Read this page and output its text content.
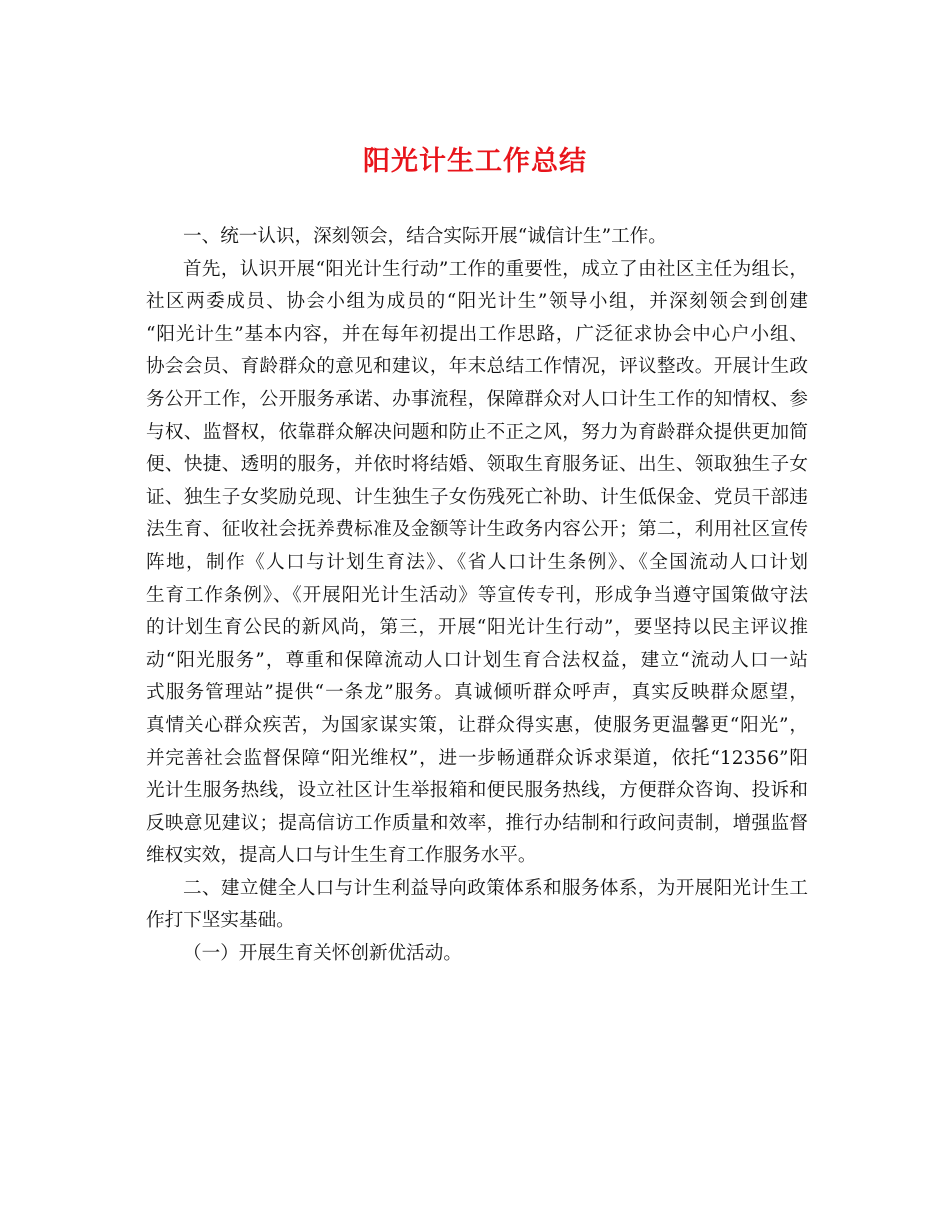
阳光计生工作总结
一、统一认识，深刻领会，结合实际开展“诚信计生”工作。
首先，认识开展“阳光计生行动”工作的重要性，成立了由社区主任为组长，
社区两委成员、协会小组为成员的“阳光计生”领导小组，并深刻领会到创建
“阳光计生”基本内容，并在每年初提出工作思路，广泛征求协会中心户小组、
协会会员、育龄群众的意见和建议，年末总结工作情况，评议整改。开展计生政
务公开工作，公开服务承诺、办事流程，保障群众对人口计生工作的知情权、参
与权、监督权，依靠群众解决问题和防止不正之风，努力为育龄群众提供更加简
便、快捷、透明的服务，并依时将结婚、领取生育服务证、出生、领取独生子女
证、独生子女奖励兑现、计生独生子女伤残死亡补助、计生低保金、党员干部违
法生育、征收社会抚养费标准及金额等计生政务内容公开；第二，利用社区宣传
阵地，制作《人口与计划生育法》、《省人口计生条例》、《全国流动人口计划
生育工作条例》、《开展阳光计生活动》等宣传专刊，形成争当遵守国策做守法
的计划生育公民的新风尚，第三，开展“阳光计生行动”，要坚持以民主评议推
动“阳光服务”，尊重和保障流动人口计划生育合法权益，建立“流动人口一站
式服务管理站”提供“一条龙”服务。真诚倾听群众呼声，真实反映群众愿望，
真情关心群众疾苦，为国家谋实策，让群众得实惠，使服务更温馨更“阳光”，
并完善社会监督保障“阳光维权”，进一步畅通群众诉求渠道，依托“12356”阳
光计生服务热线，设立社区计生举报箱和便民服务热线，方便群众咨询、投诉和
反映意见建议；提高信访工作质量和效率，推行办结制和行政问责制，增强监督
维权实效，提高人口与计生生育工作服务水平。
二、建立健全人口与计生利益导向政策体系和服务体系，为开展阳光计生工
作打下坚实基础。
（一）开展生育关怀创新优活动。
